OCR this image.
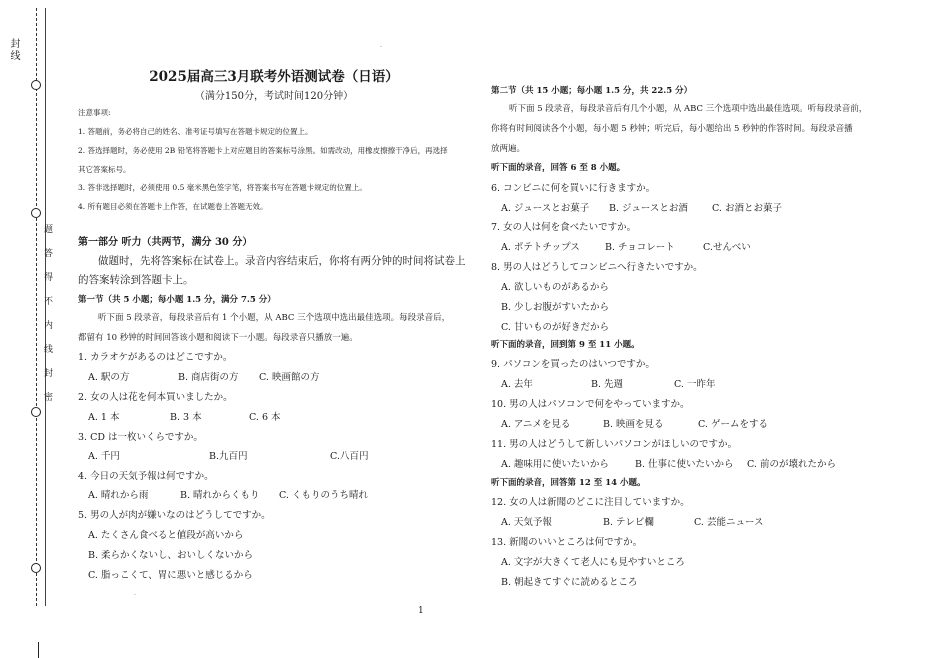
封线
题
答
得
不
内
线
封
密
2025届高三3月联考外语测试卷（日语）
（满分150分，考试时间120分钟）
注意事项:
1. 答题前，务必将自己的姓名、准考证号填写在答题卡规定的位置上。
2. 答选择题时，务必使用 2B 铅笔将答题卡上对应题目的答案标号涂黑。如需改动，用橡皮擦擦干净后，再选择
其它答案标号。
3. 答非选择题时，必须使用 0.5 毫米黑色签字笔，将答案书写在答题卡规定的位置上。
4. 所有题目必须在答题卡上作答，在试题卷上答题无效。
第一部分 听力（共两节，满分 30 分）
做题时，先将答案标在试卷上。录音内容结束后，你将有两分钟的时间将试卷上
的答案转涂到答题卡上。
第一节（共 5 小题；每小题 1.5 分，满分 7.5 分）
听下面 5 段录音，每段录音后有 1 个小题，从 ABC 三个选项中选出最佳选项。每段录音后，
都留有 10 秒钟的时间回答该小题和阅读下一小题。每段录音只播放一遍。
1. カラオケがあるのはどこですか。
A. 駅の方	B. 商店街の方 C. 映画館の方
2. 女の人は花を何本買いましたか。
A. 1 本	B. 3 本	C. 6 本
3. CD は一枚いくらですか。
A. 千円	B.九百円	C.八百円
4. 今日の天気予報は何ですか。
A. 晴れから雨	B. 晴れからくもり C. くもりのうち晴れ
5. 男の人が肉が嫌いなのはどうしてですか。
A. たくさん食べると値段が高いから
B. 柔らかくないし、おいしくないから
C. 脂っこくて、胃に悪いと感じるから
第二节（共 15 小题；每小题 1.5 分，共 22.5 分）
听下面 5 段录音，每段录音后有几个小题，从 ABC 三个选项中选出最佳选项。听每段录音前，
你将有时间阅读各个小题，每小题 5 秒钟；听完后，每小题给出 5 秒钟的作答时间。每段录音播
放两遍。
听下面的录音，回答 6 至 8 小题。
6. コンビニに何を買いに行きますか。
A. ジュースとお菓子 B. ジュースとお酒	C. お酒とお菓子
7. 女の人は何を食べたいですか。
A. ポテトチップス	B. チョコレート	C.せんべい
8. 男の人はどうしてコンビニへ行きたいですか。
A. 欲しいものがあるから
B. 少しお腹がすいたから
C. 甘いものが好きだから
听下面的录音，回到第 9 至 11 小题。
9. パソコンを買ったのはいつですか。
A. 去年	B. 先週	C. 一昨年
10. 男の人はパソコンで何をやっていますか。
A. アニメを見る	B. 映画を見る	C. ゲームをする
11. 男の人はどうして新しいパソコンがほしいのですか。
A. 趣味用に使いたいから	B. 仕事に使いたいから C. 前のが壊れたから
听下面的录音，回答第 12 至 14 小题。
12. 女の人は新聞のどこに注目していますか。
A. 天気予報	B. テレビ欄	C. 芸能ニュース
13. 新聞のいいところは何ですか。
A. 文字が大きくて老人にも見やすいところ
B. 朝起きてすぐに読めるところ
·
·
1
